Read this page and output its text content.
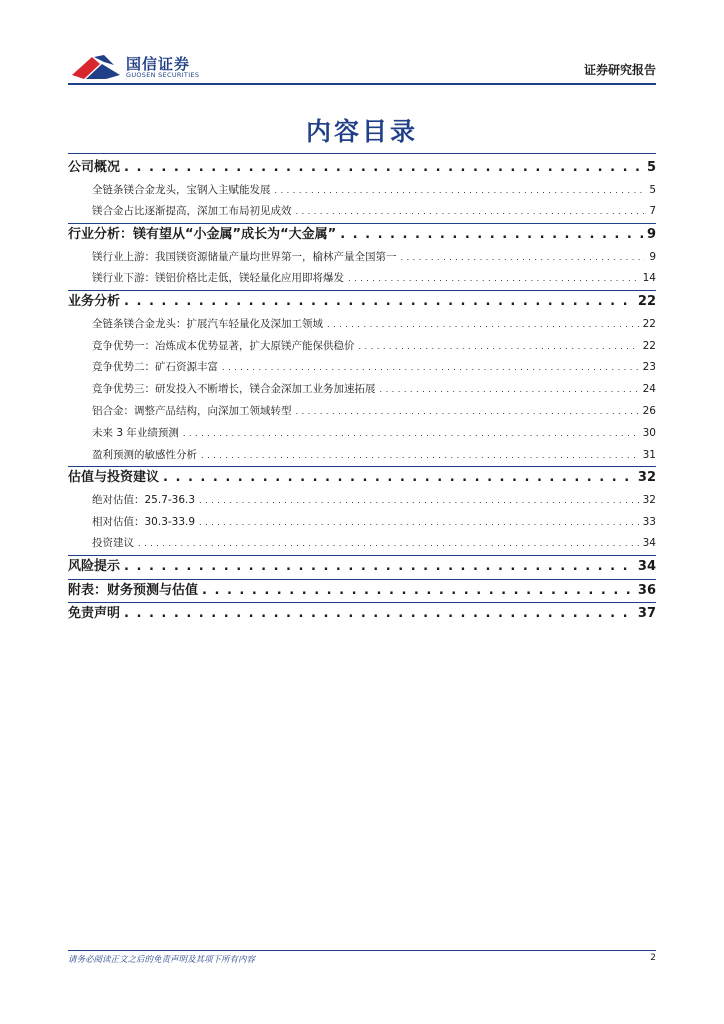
国信证券
GUOSEN SECURITIES	证券研究报告
内容目录
公司概况 . . .	5
全链条镁合金龙头，宝钢入主赋能发展 . . .	5
镁合金占比逐渐提高，深加工布局初见成效 . . .	7
行业分析：镁有望从“小金属”成长为“大金属” . . .	9
镁行业上游：我国镁资源储量产量均世界第一，榆林产量全国第一 . . .	9
镁行业下游：镁铝价格比走低，镁轻量化应用即将爆发 . . .	14
业务分析 . . .	22
全链条镁合金龙头：扩展汽车轻量化及深加工领域 . . .	22
竞争优势一：冶炼成本优势显著，扩大原镁产能保供稳价 . . .	22
竞争优势二：矿石资源丰富 . . .	23
竞争优势三：研发投入不断增长，镁合金深加工业务加速拓展 . . .	24
铝合金：调整产品结构，向深加工领域转型 . . .	26
未来 3 年业绩预测 . . .	30
盈利预测的敏感性分析 . . .	31
估值与投资建议 . . .	32
绝对估值：25.7-36.3 . . .	32
相对估值：30.3-33.9 . . .	33
投资建议 . . .	34
风险提示 . . .	34
附表：财务预测与估值 . . .	36
免责声明 . . .	37
请务必阅读正文之后的免责声明及其项下所有内容	2
